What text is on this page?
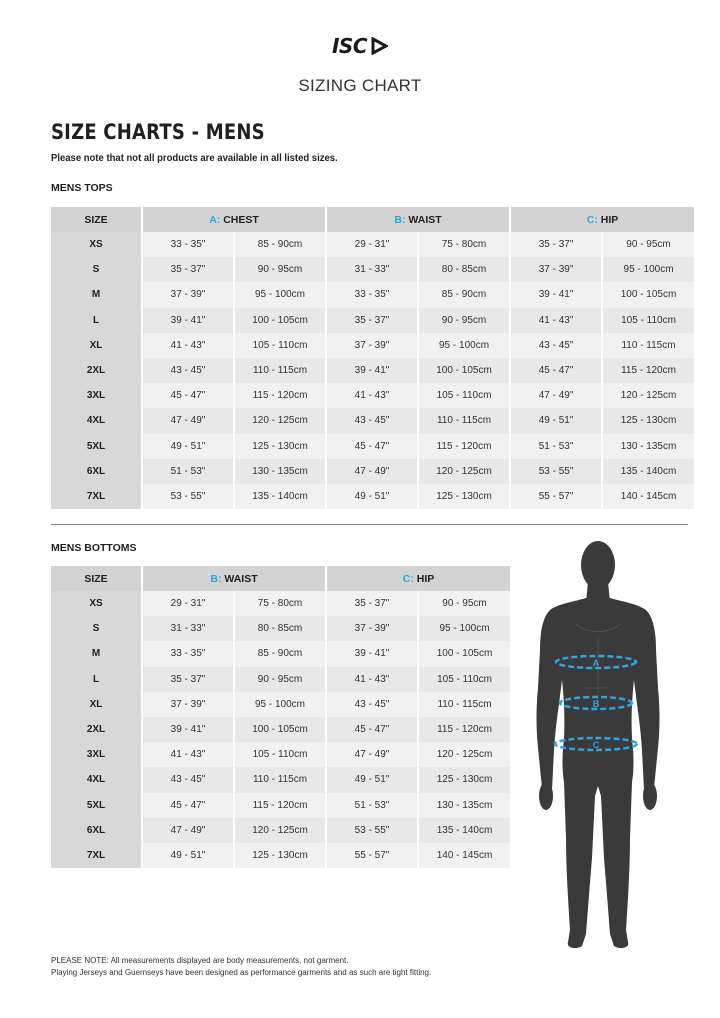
ISC
SIZING CHART
SIZE CHARTS - MENS
Please note that not all products are available in all listed sizes.
MENS TOPS
SIZE	A: CHEST		B: WAIST		C: HIP	
XS	33 - 35"	85 - 90cm	29 - 31"	75 - 80cm	35 - 37"	90 - 95cm
S	35 - 37"	90 - 95cm	31 - 33"	80 - 85cm	37 - 39"	95 - 100cm
M	37 - 39"	95 - 100cm	33 - 35"	85 - 90cm	39 - 41"	100 - 105cm
L	39 - 41"	100 - 105cm	35 - 37"	90 - 95cm	41 - 43"	105 - 110cm
XL	41 - 43"	105 - 110cm	37 - 39"	95 - 100cm	43 - 45"	110 - 115cm
2XL	43 - 45"	110 - 115cm	39 - 41"	100 - 105cm	45 - 47"	115 - 120cm
3XL	45 - 47"	115 - 120cm	41 - 43"	105 - 110cm	47 - 49"	120 - 125cm
4XL	47 - 49"	120 - 125cm	43 - 45"	110 - 115cm	49 - 51"	125 - 130cm
5XL	49 - 51"	125 - 130cm	45 - 47"	115 - 120cm	51 - 53"	130 - 135cm
6XL	51 - 53"	130 - 135cm	47 - 49"	120 - 125cm	53 - 55"	135 - 140cm
7XL	53 - 55"	135 - 140cm	49 - 51"	125 - 130cm	55 - 57"	140 - 145cm
MENS BOTTOMS
SIZE	B: WAIST		C: HIP	
XS	29 - 31"	75 - 80cm	35 - 37"	90 - 95cm
S	31 - 33"	80 - 85cm	37 - 39"	95 - 100cm
M	33 - 35"	85 - 90cm	39 - 41"	100 - 105cm
L	35 - 37"	90 - 95cm	41 - 43"	105 - 110cm
XL	37 - 39"	95 - 100cm	43 - 45"	110 - 115cm
2XL	39 - 41"	100 - 105cm	45 - 47"	115 - 120cm
3XL	41 - 43"	105 - 110cm	47 - 49"	120 - 125cm
4XL	43 - 45"	110 - 115cm	49 - 51"	125 - 130cm
5XL	45 - 47"	115 - 120cm	51 - 53"	130 - 135cm
6XL	47 - 49"	120 - 125cm	53 - 55"	135 - 140cm
7XL	49 - 51"	125 - 130cm	55 - 57"	140 - 145cm
A
B
C
PLEASE NOTE: All measurements displayed are body measurements, not garment.
Playing Jerseys and Guernseys have been designed as performance garments and as such are tight fitting.
